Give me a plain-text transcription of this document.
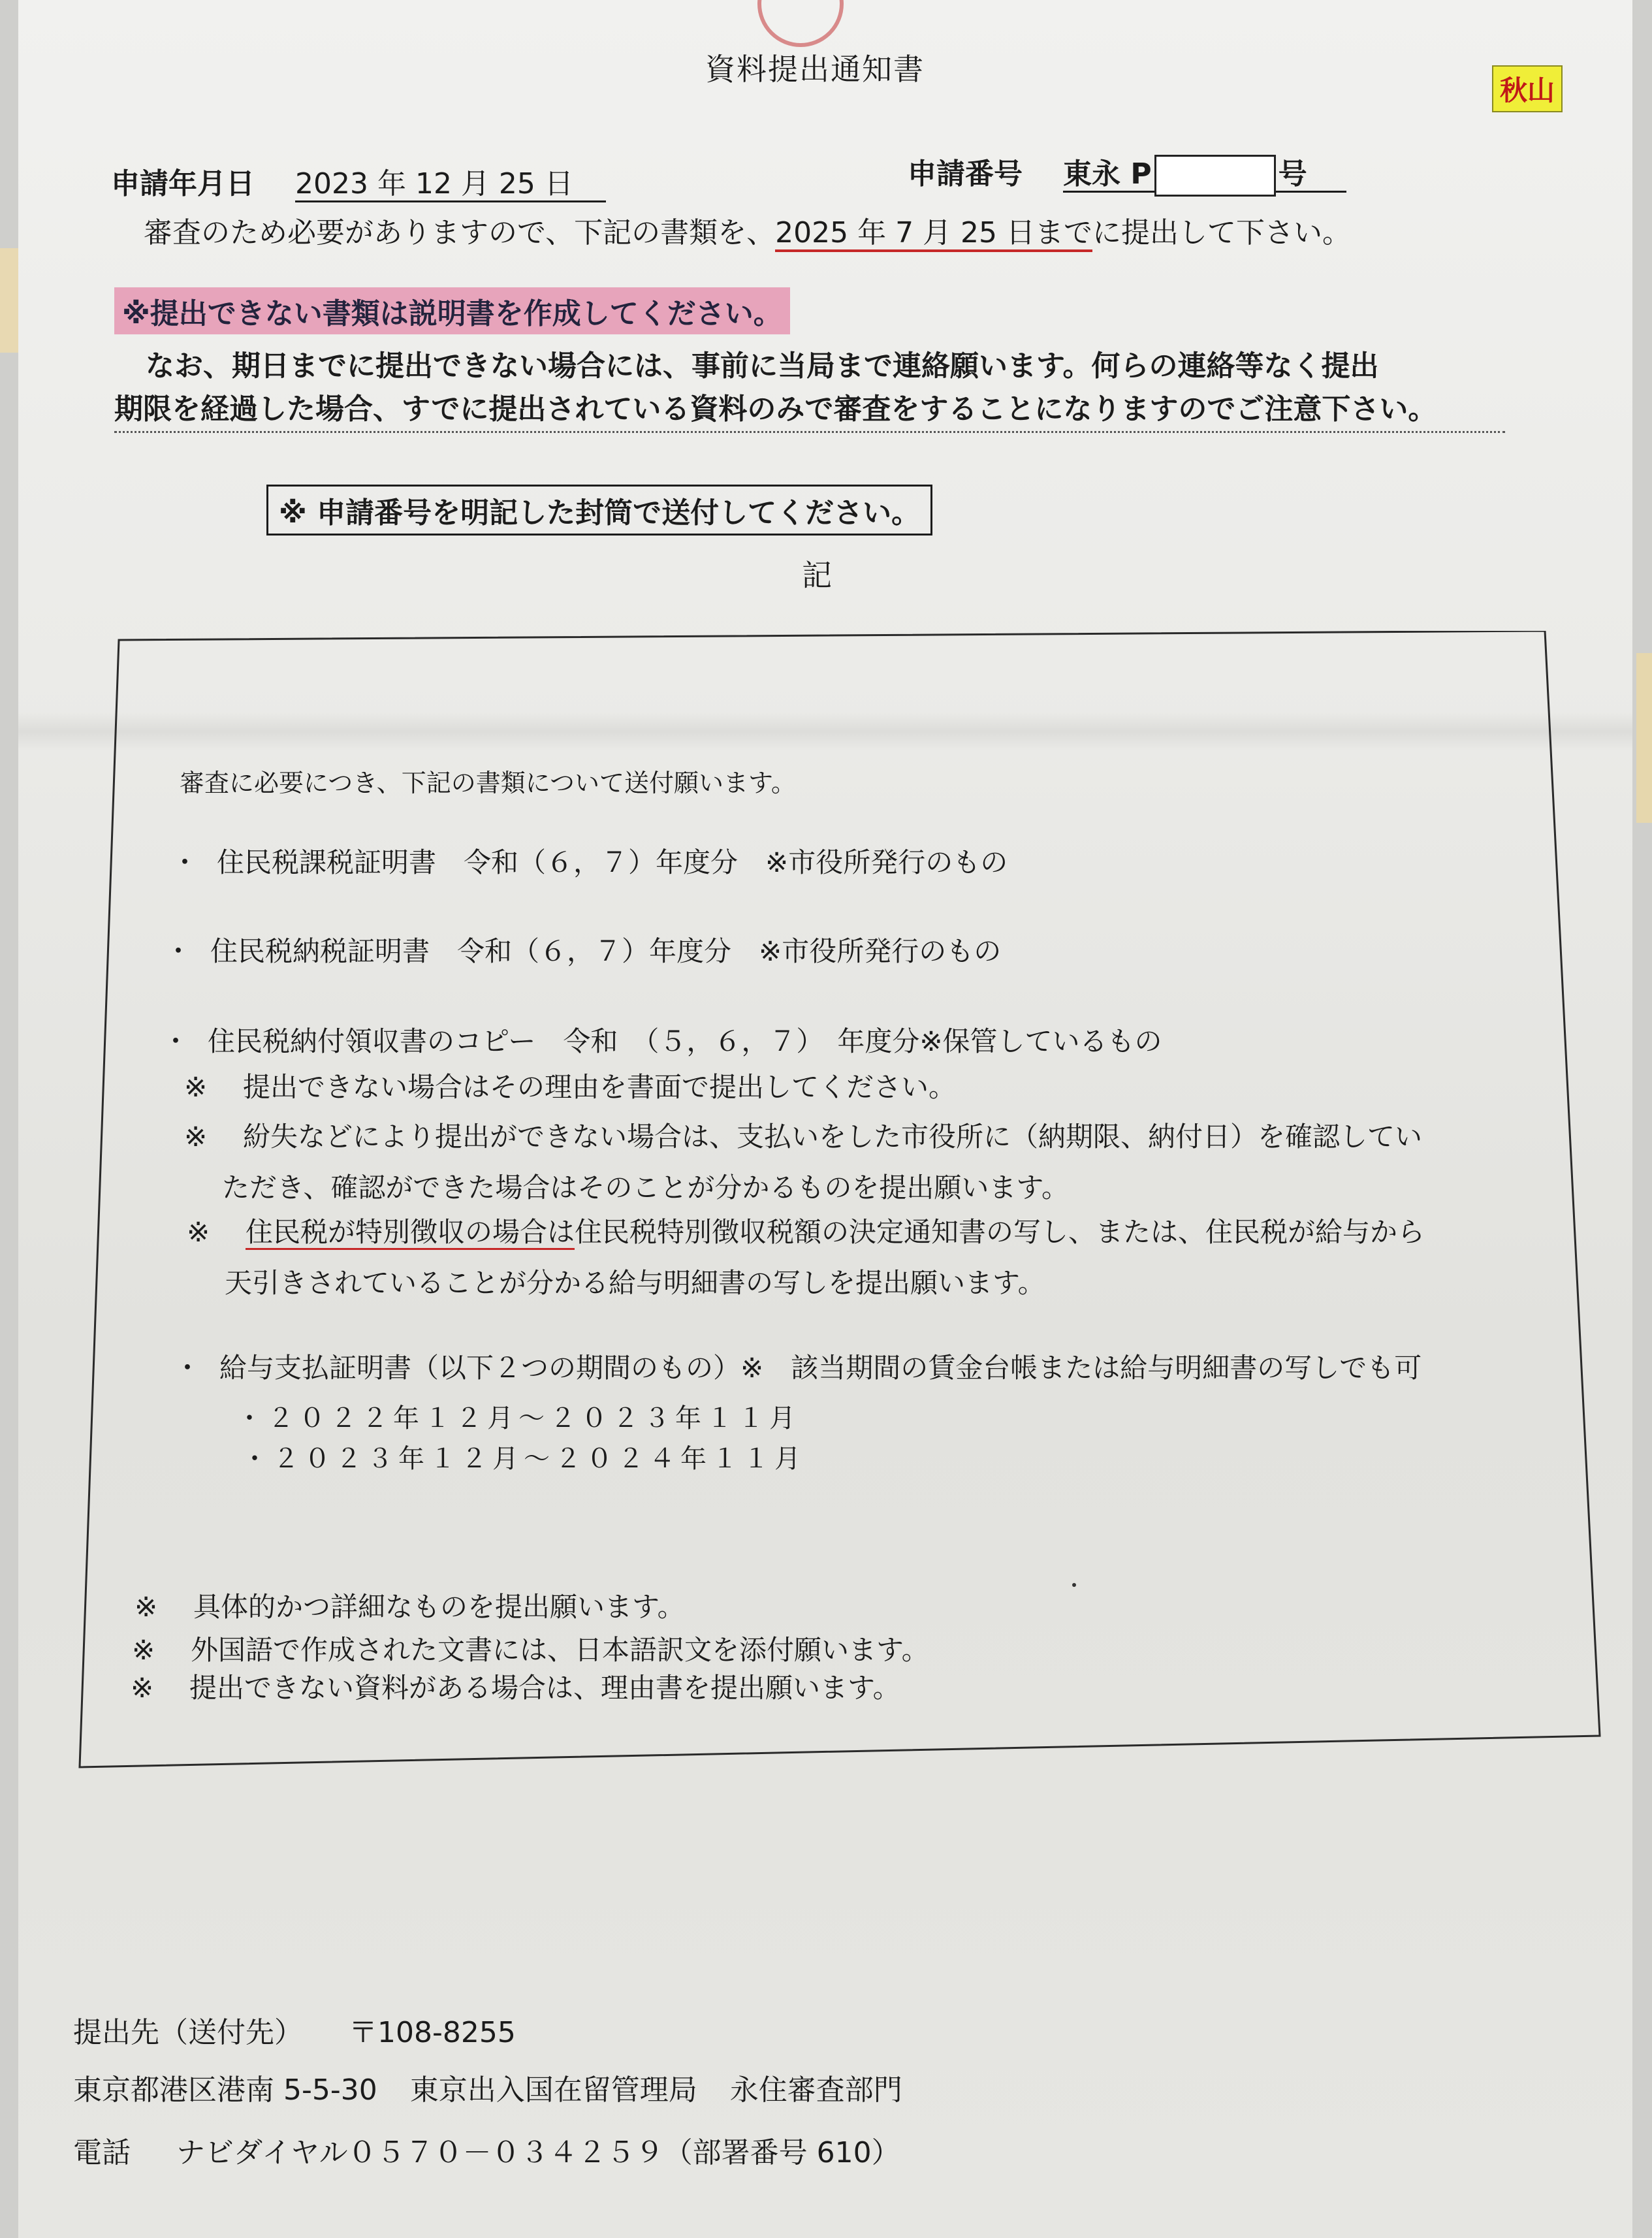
資料提出通知書
秋山
申請年月日 2023 年 12 月 25 日	申請番号 東永 P	号
審査のため必要がありますので、下記の書類を、2025 年 7 月 25 日までに提出して下さい。
※提出できない書類は説明書を作成してください。
なお、期日までに提出できない場合には、事前に当局まで連絡願います。何らの連絡等なく提出
期限を経過した場合、すでに提出されている資料のみで審査をすることになりますのでご注意下さい。
※ 申請番号を明記した封筒で送付してください。
記
審査に必要につき、下記の書類について送付願います。
・ 住民税課税証明書　令和（６，７）年度分　※市役所発行のもの
・ 住民税納税証明書　令和（６，７）年度分　※市役所発行のもの
・ 住民税納付領収書のコピー　令和　（５，６，７）　年度分※保管しているもの
※ 提出できない場合はその理由を書面で提出してください。
※ 紛失などにより提出ができない場合は、支払いをした市役所に（納期限、納付日）を確認してい
ただき、確認ができた場合はそのことが分かるものを提出願います。
※ 住民税が特別徴収の場合は住民税特別徴収税額の決定通知書の写し、または、住民税が給与から
天引きされていることが分かる給与明細書の写しを提出願います。
・ 給与支払証明書（以下２つの期間のもの）※　該当期間の賃金台帳または給与明細書の写しでも可
・２０２２年１２月～２０２３年１１月
・２０２３年１２月～２０２４年１１月
※ 具体的かつ詳細なものを提出願います。
※ 外国語で作成された文書には、日本語訳文を添付願います。
※ 提出できない資料がある場合は、理由書を提出願います。
提出先（送付先） 〒108-8255
東京都港区港南 5-5-30 東京出入国在留管理局 永住審査部門
電話 ナビダイヤル０５７０－０３４２５９（部署番号 610）
